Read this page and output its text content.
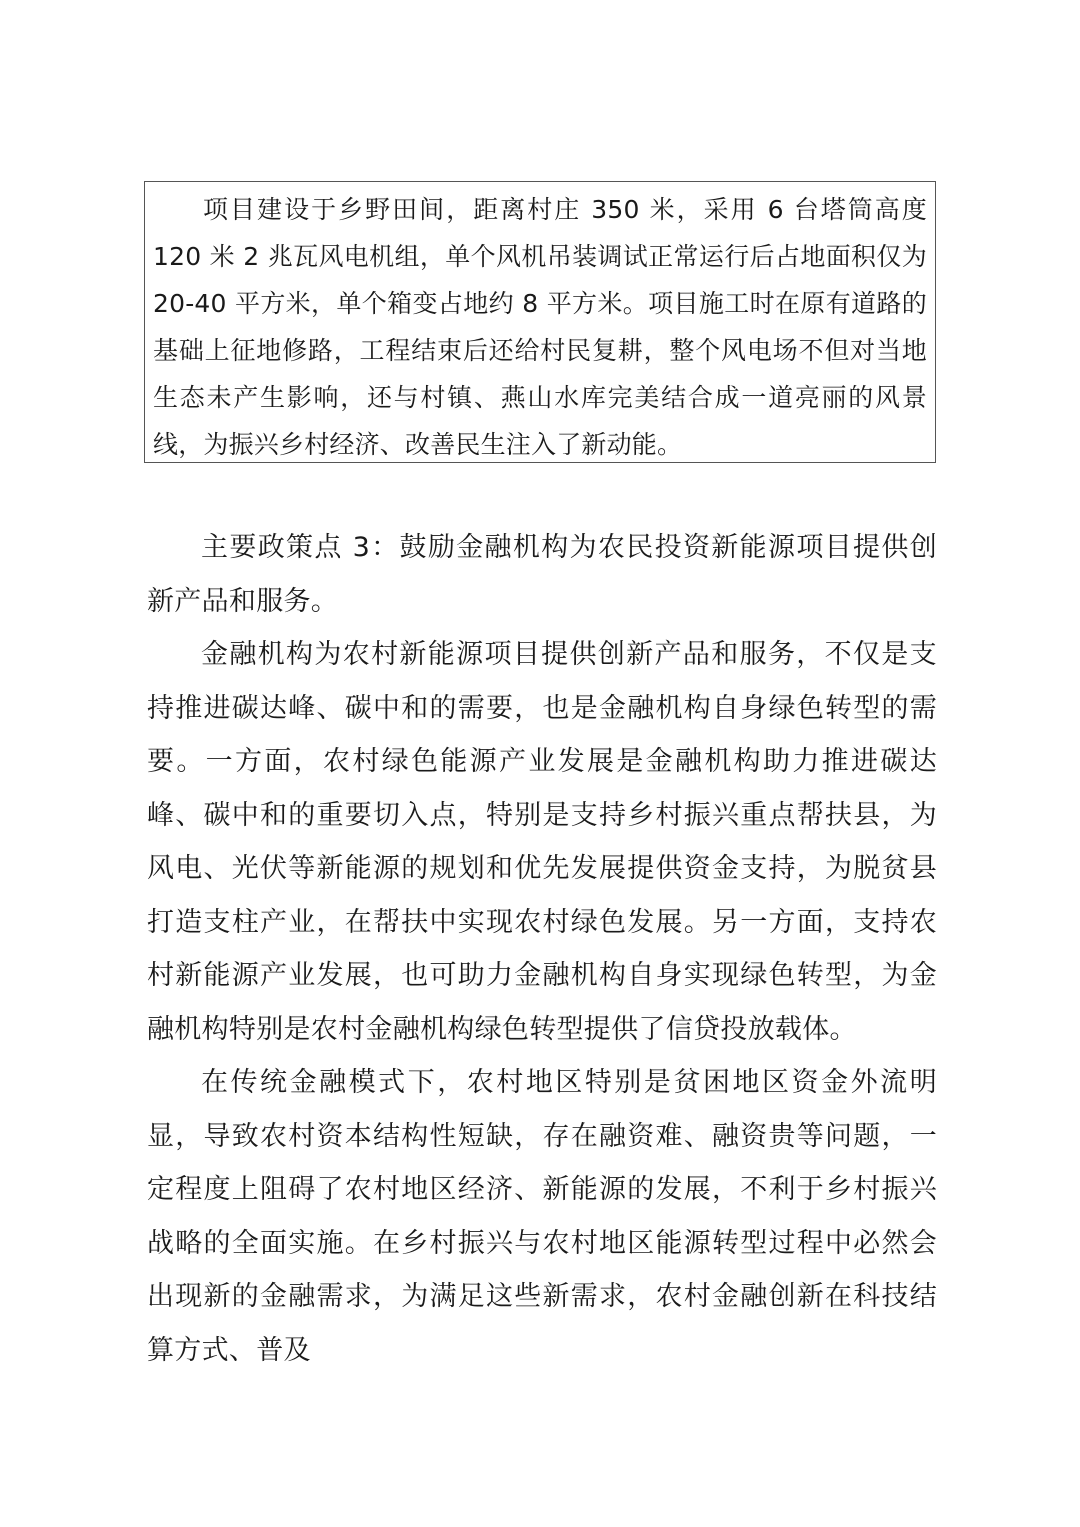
项目建设于乡野田间，距离村庄 350 米，采用 6 台塔筒高度 120 米 2 兆瓦风电机组，单个风机吊装调试正常运行后占地面积仅为 20-40 平方米，单个箱变占地约 8 平方米。项目施工时在原有道路的基础上征地修路，工程结束后还给村民复耕，整个风电场不但对当地生态未产生影响，还与村镇、燕山水库完美结合成一道亮丽的风景线，为振兴乡村经济、改善民生注入了新动能。

主要政策点 3：鼓励金融机构为农民投资新能源项目提供创新产品和服务。

金融机构为农村新能源项目提供创新产品和服务，不仅是支持推进碳达峰、碳中和的需要，也是金融机构自身绿色转型的需要。一方面，农村绿色能源产业发展是金融机构助力推进碳达峰、碳中和的重要切入点，特别是支持乡村振兴重点帮扶县，为风电、光伏等新能源的规划和优先发展提供资金支持，为脱贫县打造支柱产业，在帮扶中实现农村绿色发展。另一方面，支持农村新能源产业发展，也可助力金融机构自身实现绿色转型，为金融机构特别是农村金融机构绿色转型提供了信贷投放载体。

在传统金融模式下，农村地区特别是贫困地区资金外流明显，导致农村资本结构性短缺，存在融资难、融资贵等问题，一定程度上阻碍了农村地区经济、新能源的发展，不利于乡村振兴战略的全面实施。在乡村振兴与农村地区能源转型过程中必然会出现新的金融需求，为满足这些新需求，农村金融创新在科技结算方式、普及
